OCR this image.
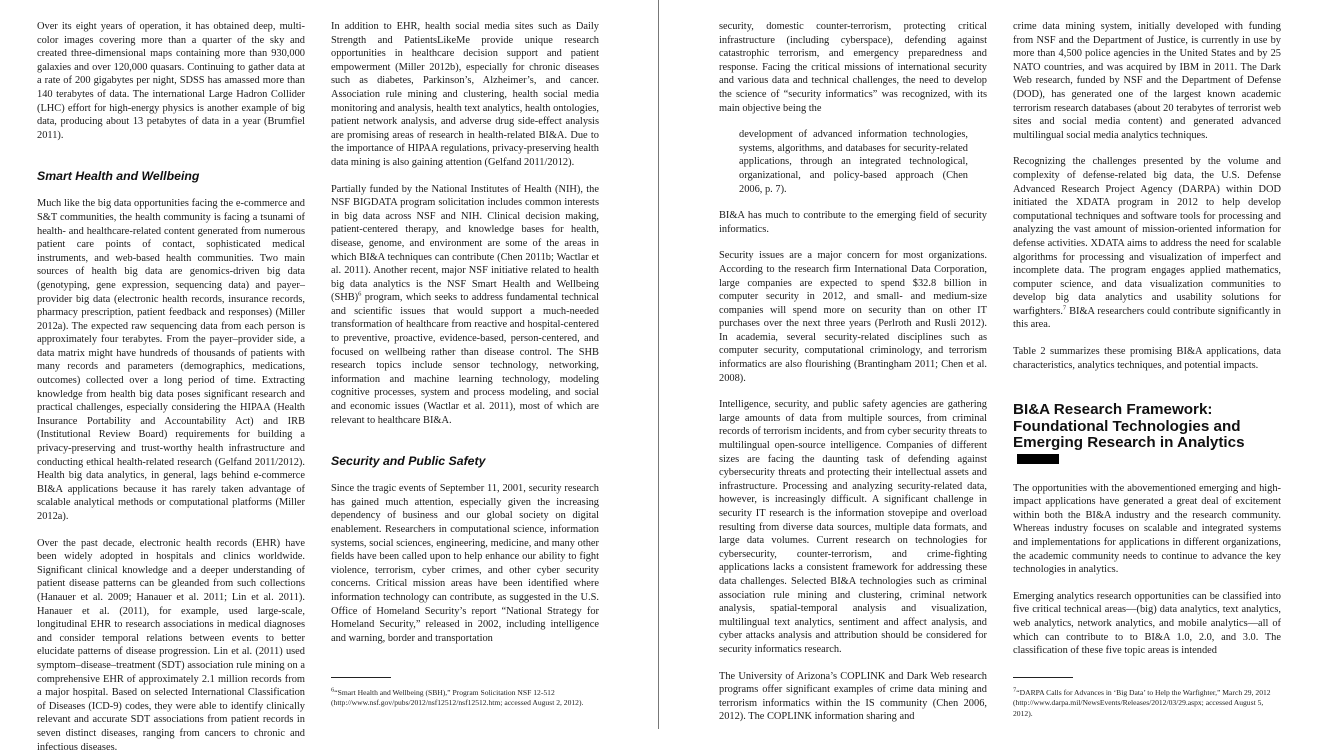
Over its eight years of operation, it has obtained deep, multi-color images covering more than a quarter of the sky and created three-dimensional maps containing more than 930,000 galaxies and over 120,000 quasars. Continuing to gather data at a rate of 200 gigabytes per night, SDSS has amassed more than 140 terabytes of data. The international Large Hadron Collider (LHC) effort for high-energy physics is another example of big data, producing about 13 petabytes of data in a year (Brumfiel 2011).

Smart Health and Wellbeing

Much like the big data opportunities facing the e-commerce and S&T communities, the health community is facing a tsunami of health- and healthcare-related content generated from numerous patient care points of contact, sophisticated medical instruments, and web-based health communities. Two main sources of health big data are genomics-driven big data (genotyping, gene expression, sequencing data) and payer–provider big data (electronic health records, insurance records, pharmacy prescription, patient feedback and responses) (Miller 2012a). The expected raw sequencing data from each person is approximately four terabytes. From the payer–provider side, a data matrix might have hundreds of thousands of patients with many records and parameters (demographics, medications, outcomes) collected over a long period of time. Extracting knowledge from health big data poses significant research and practical challenges, especially considering the HIPAA (Health Insurance Portability and Accountability Act) and IRB (Institutional Review Board) requirements for building a privacy-preserving and trust-worthy health infrastructure and conducting ethical health-related research (Gelfand 2011/2012). Health big data analytics, in general, lags behind e-commerce BI&A applications because it has rarely taken advantage of scalable analytical methods or computational platforms (Miller 2012a).

Over the past decade, electronic health records (EHR) have been widely adopted in hospitals and clinics worldwide. Significant clinical knowledge and a deeper understanding of patient disease patterns can be gleanded from such collections (Hanauer et al. 2009; Hanauer et al. 2011; Lin et al. 2011). Hanauer et al. (2011), for example, used large-scale, longitudinal EHR to research associations in medical diagnoses and consider temporal relations between events to better elucidate patterns of disease progression. Lin et al. (2011) used symptom–disease–treatment (SDT) association rule mining on a comprehensive EHR of approximately 2.1 million records from a major hospital. Based on selected International Classification of Diseases (ICD-9) codes, they were able to identify clinically relevant and accurate SDT associations from patient records in seven distinct diseases, ranging from cancers to chronic and infectious diseases.

In addition to EHR, health social media sites such as Daily Strength and PatientsLikeMe provide unique research opportunities in healthcare decision support and patient empowerment (Miller 2012b), especially for chronic diseases such as diabetes, Parkinson’s, Alzheimer’s, and cancer. Association rule mining and clustering, health social media monitoring and analysis, health text analytics, health ontologies, patient network analysis, and adverse drug side-effect analysis are promising areas of research in health-related BI&A. Due to the importance of HIPAA regulations, privacy-preserving health data mining is also gaining attention (Gelfand 2011/2012).

Partially funded by the National Institutes of Health (NIH), the NSF BIGDATA program solicitation includes common interests in big data across NSF and NIH. Clinical decision making, patient-centered therapy, and knowledge bases for health, disease, genome, and environment are some of the areas in which BI&A techniques can contribute (Chen 2011b; Wactlar et al. 2011). Another recent, major NSF initiative related to health big data analytics is the NSF Smart Health and Wellbeing (SHB)$^6$ program, which seeks to address fundamental technical and scientific issues that would support a much-needed transformation of healthcare from reactive and hospital-centered to preventive, proactive, evidence-based, person-centered, and focused on wellbeing rather than disease control. The SHB research topics include sensor technology, networking, information and machine learning technology, modeling cognitive processes, system and process modeling, and social and economic issues (Wactlar et al. 2011), most of which are relevant to healthcare BI&A.

Security and Public Safety

Since the tragic events of September 11, 2001, security research has gained much attention, especially given the increasing dependency of business and our global society on digital enablement. Researchers in computational science, information systems, social sciences, engineering, medicine, and many other fields have been called upon to help enhance our ability to fight violence, terrorism, cyber crimes, and other cyber security concerns. Critical mission areas have been identified where information technology can contribute, as suggested in the U.S. Office of Homeland Security’s report “National Strategy for Homeland Security,” released in 2002, including intelligence and warning, border and transportation

$^6$“Smart Health and Wellbeing (SBH),” Program Solicitation NSF 12-512 (http://www.nsf.gov/pubs/2012/nsf12512/nsf12512.htm; accessed August 2, 2012).

security, domestic counter-terrorism, protecting critical infrastructure (including cyberspace), defending against catastrophic terrorism, and emergency preparedness and response. Facing the critical missions of international security and various data and technical challenges, the need to develop the science of “security informatics” was recognized, with its main objective being the

development of advanced information technologies, systems, algorithms, and databases for security-related applications, through an integrated technological, organizational, and policy-based approach (Chen 2006, p. 7).

BI&A has much to contribute to the emerging field of security informatics.

Security issues are a major concern for most organizations. According to the research firm International Data Corporation, large companies are expected to spend $32.8 billion in computer security in 2012, and small- and medium-size companies will spend more on security than on other IT purchases over the next three years (Perlroth and Rusli 2012). In academia, several security-related disciplines such as computer security, computational criminology, and terrorism informatics are also flourishing (Brantingham 2011; Chen et al. 2008).

Intelligence, security, and public safety agencies are gathering large amounts of data from multiple sources, from criminal records of terrorism incidents, and from cyber security threats to multilingual open-source intelligence. Companies of different sizes are facing the daunting task of defending against cybersecurity threats and protecting their intellectual assets and infrastructure. Processing and analyzing security-related data, however, is increasingly difficult. A significant challenge in security IT research is the information stovepipe and overload resulting from diverse data sources, multiple data formats, and large data volumes. Current research on technologies for cybersecurity, counter-terrorism, and crime-fighting applications lacks a consistent framework for addressing these data challenges. Selected BI&A technologies such as criminal association rule mining and clustering, criminal network analysis, spatial-temporal analysis and visualization, multilingual text analytics, sentiment and affect analysis, and cyber attacks analysis and attribution should be considered for security informatics research.

The University of Arizona’s COPLINK and Dark Web research programs offer significant examples of crime data mining and terrorism informatics within the IS community (Chen 2006, 2012). The COPLINK information sharing and

crime data mining system, initially developed with funding from NSF and the Department of Justice, is currently in use by more than 4,500 police agencies in the United States and by 25 NATO countries, and was acquired by IBM in 2011. The Dark Web research, funded by NSF and the Department of Defense (DOD), has generated one of the largest known academic terrorism research databases (about 20 terabytes of terrorist web sites and social media content) and generated advanced multilingual social media analytics techniques.

Recognizing the challenges presented by the volume and complexity of defense-related big data, the U.S. Defense Advanced Research Project Agency (DARPA) within DOD initiated the XDATA program in 2012 to help develop computational techniques and software tools for processing and analyzing the vast amount of mission-oriented information for defense activities. XDATA aims to address the need for scalable algorithms for processing and visualization of imperfect and incomplete data. The program engages applied mathematics, computer science, and data visualization communities to develop big data analytics and usability solutions for warfighters.$^7$ BI&A researchers could contribute significantly in this area.

Table 2 summarizes these promising BI&A applications, data characteristics, analytics techniques, and potential impacts.

BI&A Research Framework:
Foundational Technologies and
Emerging Research in Analytics

The opportunities with the abovementioned emerging and high-impact applications have generated a great deal of excitement within both the BI&A industry and the research community. Whereas industry focuses on scalable and integrated systems and implementations for applications in different organizations, the academic community needs to continue to advance the key technologies in analytics.

Emerging analytics research opportunities can be classified into five critical technical areas—(big) data analytics, text analytics, web analytics, network analytics, and mobile analytics—all of which can contribute to to BI&A 1.0, 2.0, and 3.0. The classification of these five topic areas is intended

$^7$“DARPA Calls for Advances in ‘Big Data’ to Help the Warfighter,” March 29, 2012 (http://www.darpa.mil/NewsEvents/Releases/2012/03/29.aspx; accessed August 5, 2012).
